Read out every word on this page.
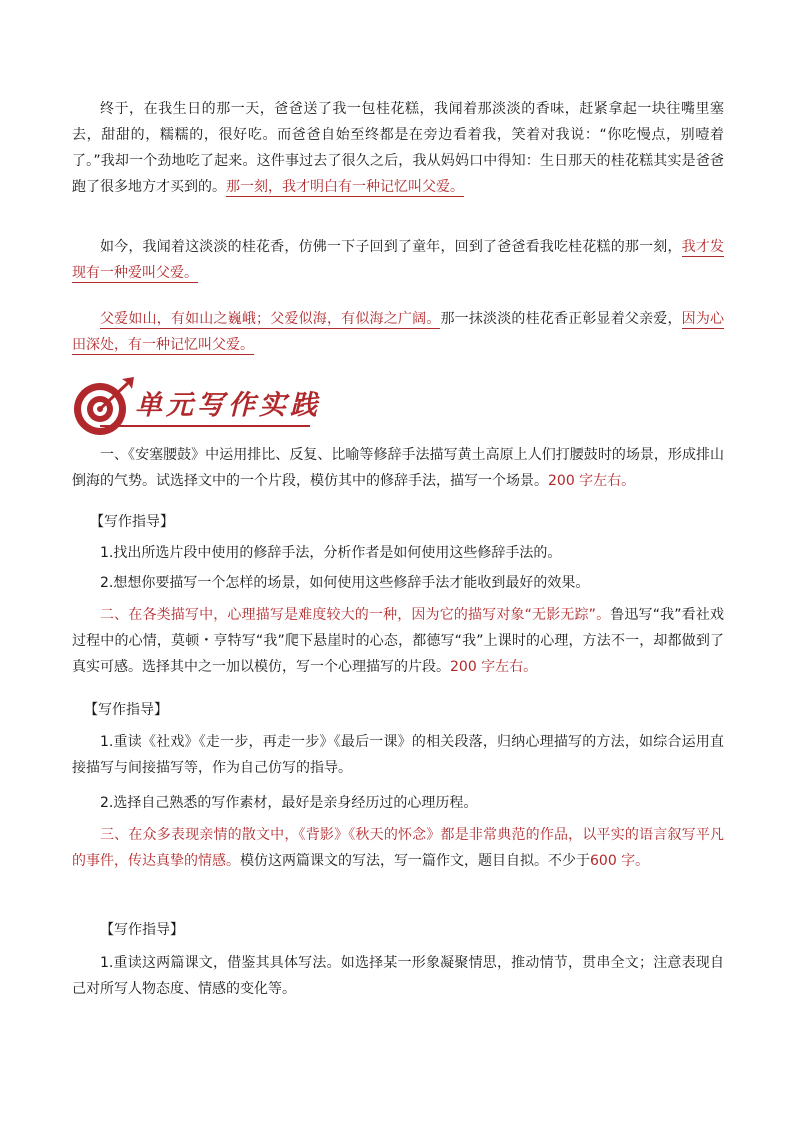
终于，在我生日的那一天，爸爸送了我一包桂花糕，我闻着那淡淡的香味，赶紧拿起一块往嘴里塞去，甜甜的，糯糯的，很好吃。而爸爸自始至终都是在旁边看着我，笑着对我说：“你吃慢点，别噎着了。”我却一个劲地吃了起来。这件事过去了很久之后，我从妈妈口中得知：生日那天的桂花糕其实是爸爸跑了很多地方才买到的。那一刻，我才明白有一种记忆叫父爱。

如今，我闻着这淡淡的桂花香，仿佛一下子回到了童年，回到了爸爸看我吃桂花糕的那一刻，我才发现有一种爱叫父爱。

父爱如山，有如山之巍峨；父爱似海，有似海之广阔。那一抹淡淡的桂花香正彰显着父亲爱，因为心田深处，有一种记忆叫父爱。

单元写作实践

一、《安塞腰鼓》中运用排比、反复、比喻等修辞手法描写黄土高原上人们打腰鼓时的场景，形成排山倒海的气势。试选择文中的一个片段，模仿其中的修辞手法，描写一个场景。200 字左右。

【写作指导】

1.找出所选片段中使用的修辞手法，分析作者是如何使用这些修辞手法的。

2.想想你要描写一个怎样的场景，如何使用这些修辞手法才能收到最好的效果。

二、在各类描写中，心理描写是难度较大的一种，因为它的描写对象“无影无踪”。鲁迅写“我”看社戏过程中的心情，莫顿・亨特写“我”爬下悬崖时的心态，都德写“我”上课时的心理，方法不一，却都做到了真实可感。选择其中之一加以模仿，写一个心理描写的片段。200 字左右。

【写作指导】

1.重读《社戏》《走一步，再走一步》《最后一课》的相关段落，归纳心理描写的方法，如综合运用直接描写与间接描写等，作为自己仿写的指导。

2.选择自己熟悉的写作素材，最好是亲身经历过的心理历程。

三、在众多表现亲情的散文中，《背影》《秋天的怀念》都是非常典范的作品，以平实的语言叙写平凡的事件，传达真挚的情感。模仿这两篇课文的写法，写一篇作文，题目自拟。不少于600 字。

【写作指导】

1.重读这两篇课文，借鉴其具体写法。如选择某一形象凝聚情思，推动情节，贯串全文；注意表现自己对所写人物态度、情感的变化等。
